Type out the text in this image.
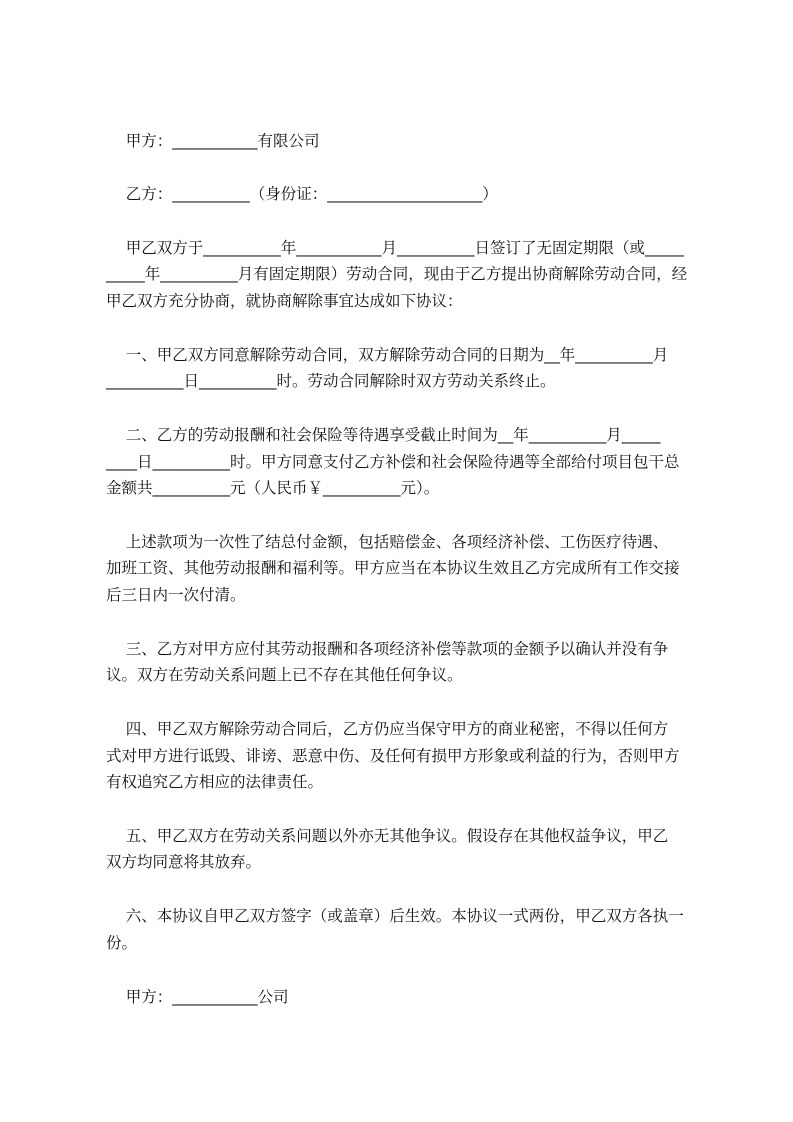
甲方：___________有限公司
乙方：__________（身份证：____________________）
甲乙双方于__________年___________月__________日签订了无固定期限（或_____
_____年__________月有固定期限）劳动合同，现由于乙方提出协商解除劳动合同，经
甲乙双方充分协商，就协商解除事宜达成如下协议：
一、甲乙双方同意解除劳动合同，双方解除劳动合同的日期为__年__________月
__________日__________时。劳动合同解除时双方劳动关系终止。
二、乙方的劳动报酬和社会保险等待遇享受截止时间为__年__________月_____
____日__________时。甲方同意支付乙方补偿和社会保险待遇等全部给付项目包干总
金额共__________元（人民币￥__________元）。
上述款项为一次性了结总付金额，包括赔偿金、各项经济补偿、工伤医疗待遇、
加班工资、其他劳动报酬和福利等。甲方应当在本协议生效且乙方完成所有工作交接
后三日内一次付清。
三、乙方对甲方应付其劳动报酬和各项经济补偿等款项的金额予以确认并没有争
议。双方在劳动关系问题上已不存在其他任何争议。
四、甲乙双方解除劳动合同后，乙方仍应当保守甲方的商业秘密，不得以任何方
式对甲方进行诋毁、诽谤、恶意中伤、及任何有损甲方形象或利益的行为，否则甲方
有权追究乙方相应的法律责任。
五、甲乙双方在劳动关系问题以外亦无其他争议。假设存在其他权益争议，甲乙
双方均同意将其放弃。
六、本协议自甲乙双方签字（或盖章）后生效。本协议一式两份，甲乙双方各执一
份。
甲方：___________公司
